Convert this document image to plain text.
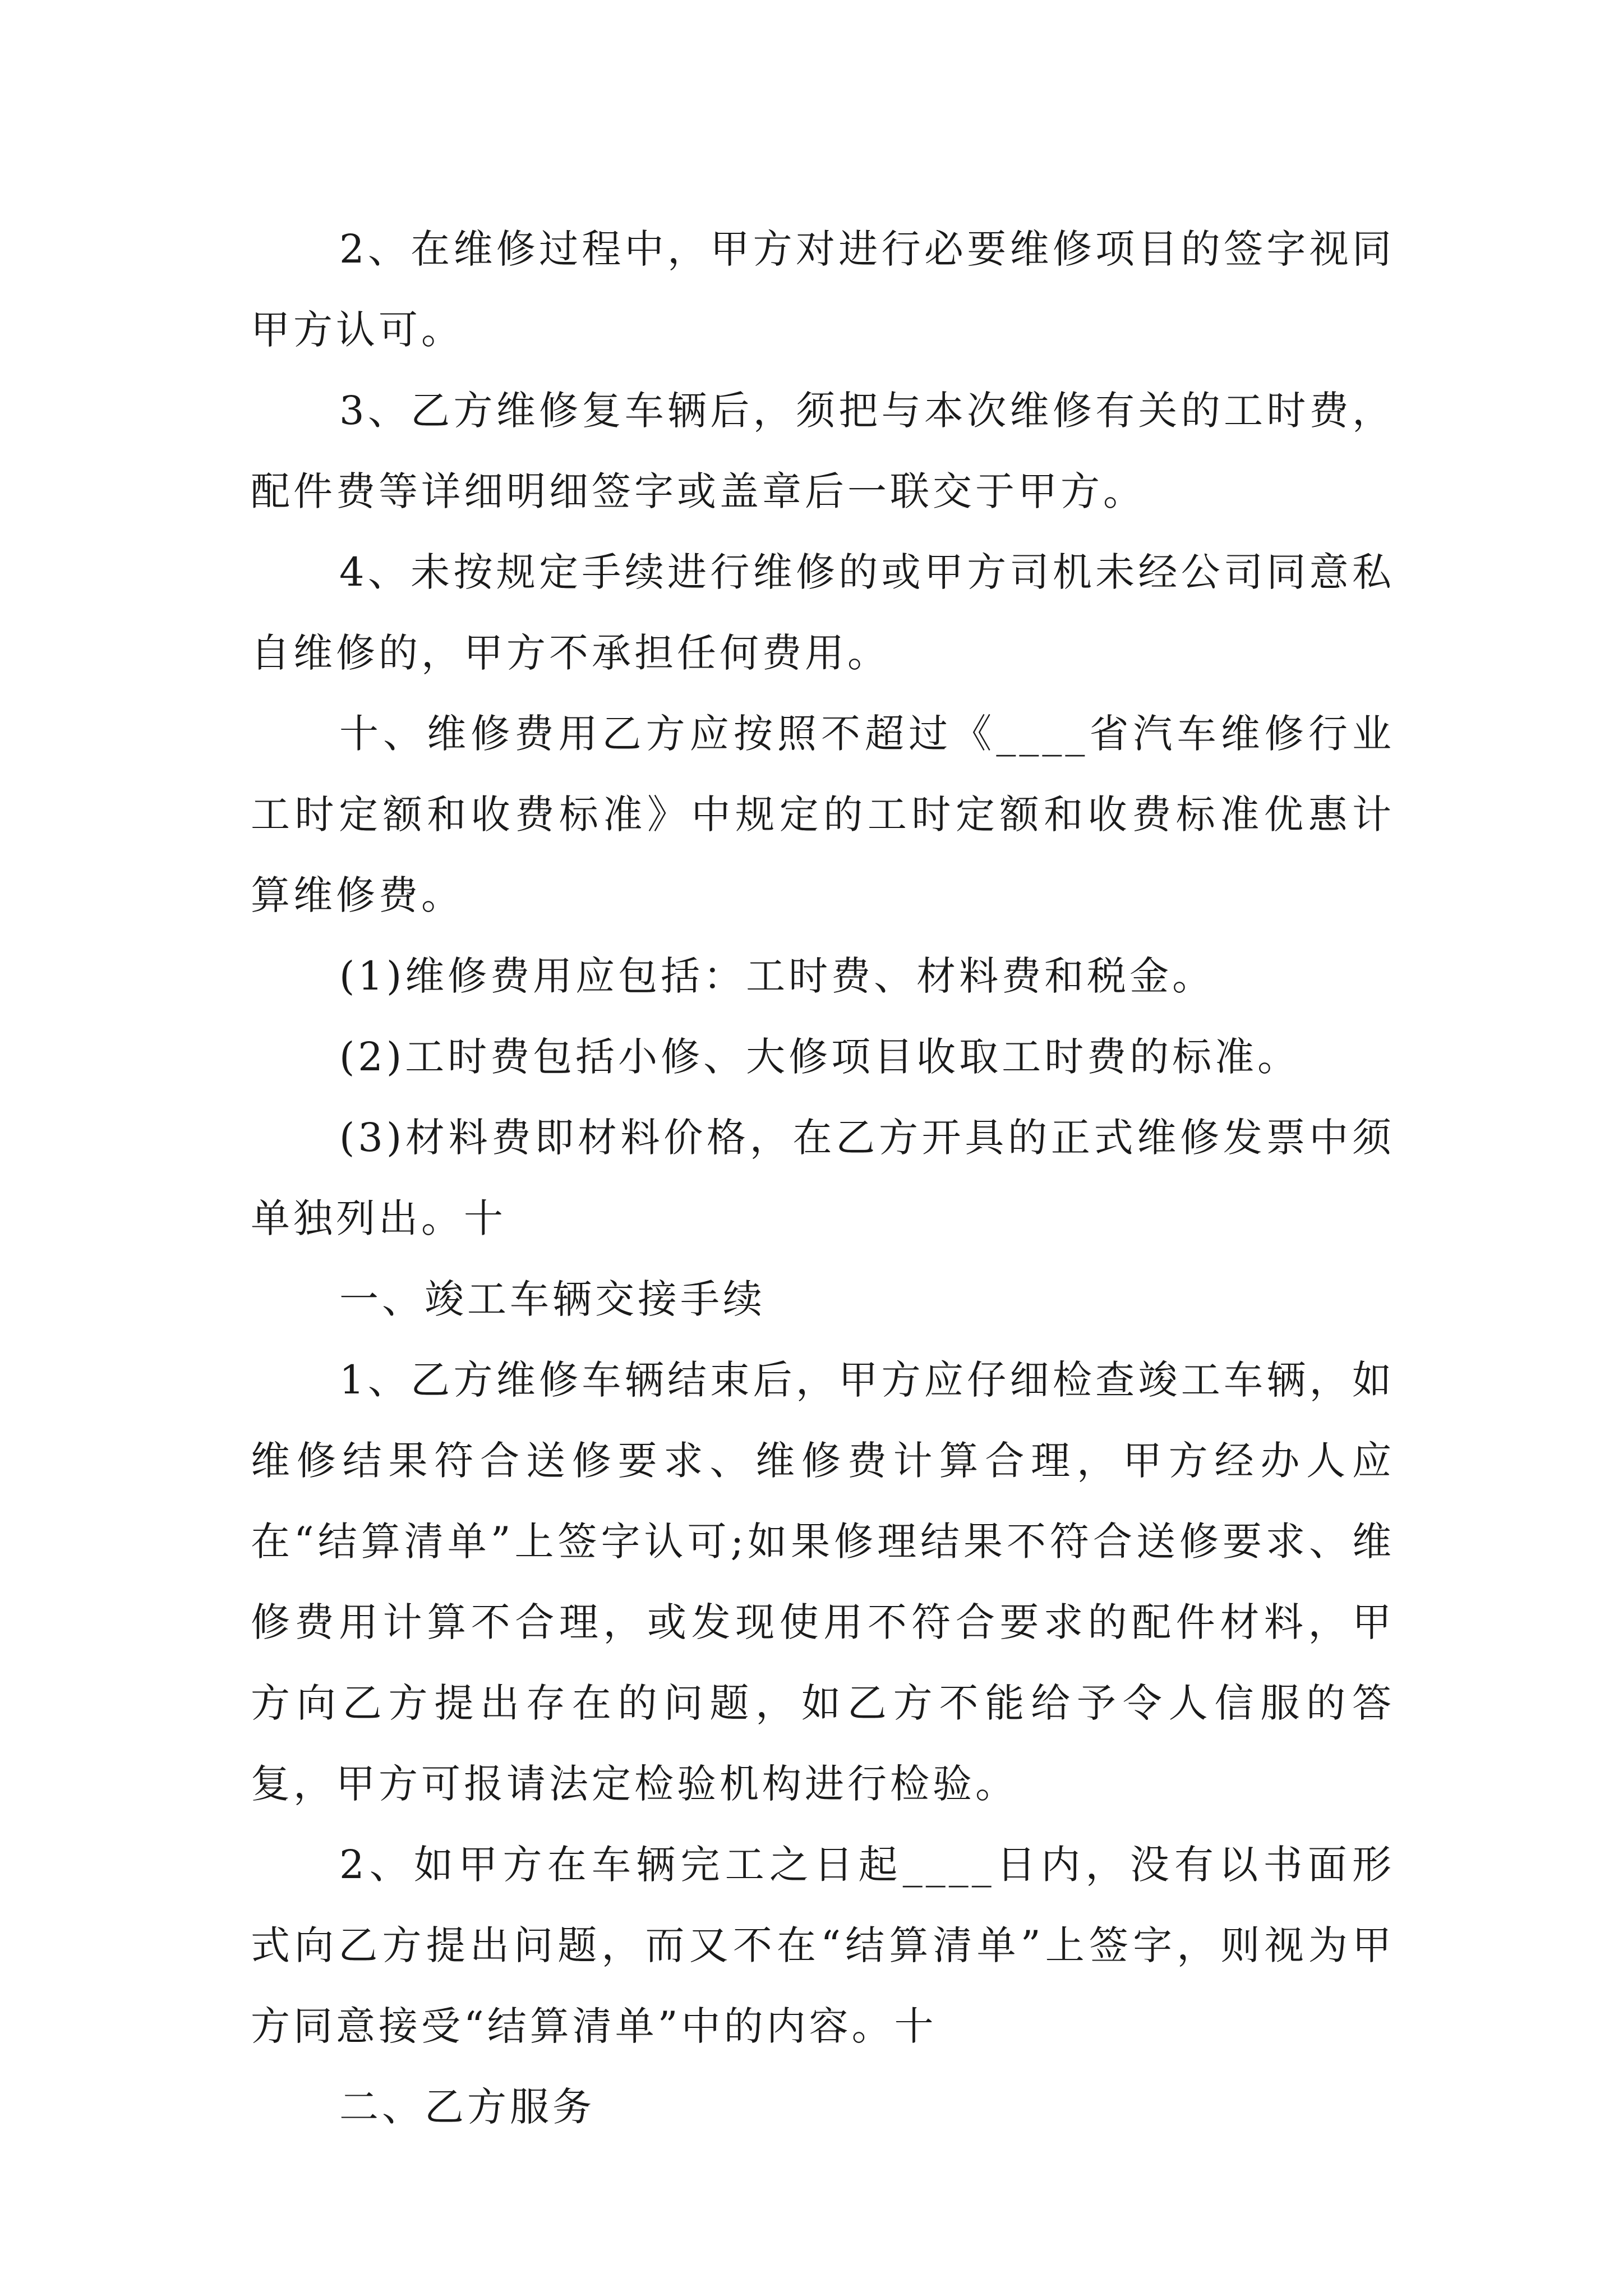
2、在维修过程中，甲方对进行必要维修项目的签字视同甲方认可。

3、乙方维修复车辆后，须把与本次维修有关的工时费，配件费等详细明细签字或盖章后一联交于甲方。

4、未按规定手续进行维修的或甲方司机未经公司同意私自维修的，甲方不承担任何费用。

十、维修费用乙方应按照不超过《____省汽车维修行业工时定额和收费标准》中规定的工时定额和收费标准优惠计算维修费。

(1)维修费用应包括：工时费、材料费和税金。

(2)工时费包括小修、大修项目收取工时费的标准。

(3)材料费即材料价格，在乙方开具的正式维修发票中须单独列出。十

一、竣工车辆交接手续

1、乙方维修车辆结束后，甲方应仔细检查竣工车辆，如维修结果符合送修要求、维修费计算合理，甲方经办人应在“结算清单”上签字认可;如果修理结果不符合送修要求、维修费用计算不合理，或发现使用不符合要求的配件材料，甲方向乙方提出存在的问题，如乙方不能给予令人信服的答复，甲方可报请法定检验机构进行检验。

2、如甲方在车辆完工之日起____日内，没有以书面形式向乙方提出问题，而又不在“结算清单”上签字，则视为甲方同意接受“结算清单”中的内容。十

二、乙方服务
